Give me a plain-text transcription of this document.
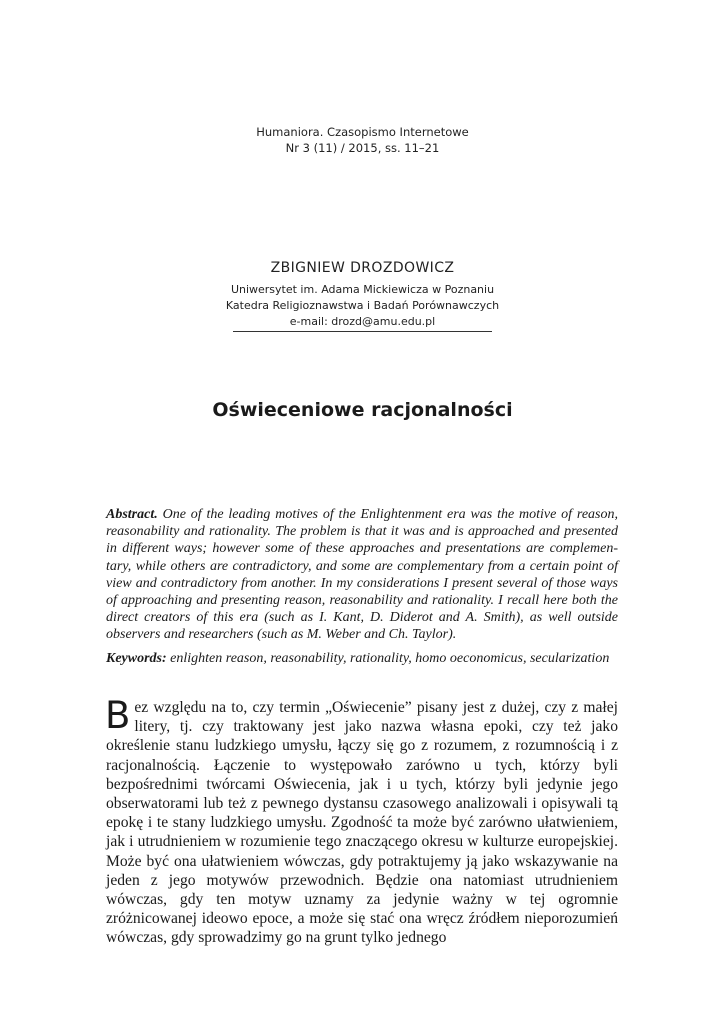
Humaniora. Czasopismo Internetowe
Nr 3 (11) / 2015, ss. 11–21
ZBIGNIEW DROZDOWICZ
Uniwersytet im. Adama Mickiewicza w Poznaniu
Katedra Religioznawstwa i Badań Porównawczych
e-mail: drozd@amu.edu.pl
Oświeceniowe racjonalności

Abstract. One of the leading motives of the Enlightenment era was the motive of reason, reasonability and rationality. The problem is that it was and is approached and presented in different ways; however some of these approaches and presentations are complementary, while others are contradictory, and some are complementary from a certain point of view and contradictory from another. In my considerations I present several of those ways of approaching and presenting reason, reasonability and rationality. I recall here both the direct creators of this era (such as I. Kant, D. Diderot and A. Smith), as well outside observers and researchers (such as M. Weber and Ch. Taylor).

Keywords: enlighten reason, reasonability, rationality, homo oeconomicus, secularization

Bez względu na to, czy termin „Oświecenie” pisany jest z dużej, czy z małej litery, tj. czy traktowany jest jako nazwa własna epoki, czy też jako określenie stanu ludzkiego umysłu, łączy się go z rozumem, z rozumnością i z racjonalnością. Łączenie to występowało zarówno u tych, którzy byli bezpośrednimi twórcami Oświecenia, jak i u tych, którzy byli jedynie jego obserwatorami lub też z pewnego dystansu czasowego analizowali i opisywali tą epokę i te stany ludzkiego umysłu. Zgodność ta może być zarówno ułatwieniem, jak i utrudnieniem w rozumienie tego znaczącego okresu w kulturze europejskiej. Może być ona ułatwieniem wówczas, gdy potraktujemy ją jako wskazywanie na jeden z jego motywów przewodnich. Będzie ona natomiast utrudnieniem wówczas, gdy ten motyw uznamy za jedynie ważny w tej ogromnie zróżnicowanej ideowo epoce, a może się stać ona wręcz źródłem nieporozumień wówczas, gdy sprowadzimy go na grunt tylko jednego
